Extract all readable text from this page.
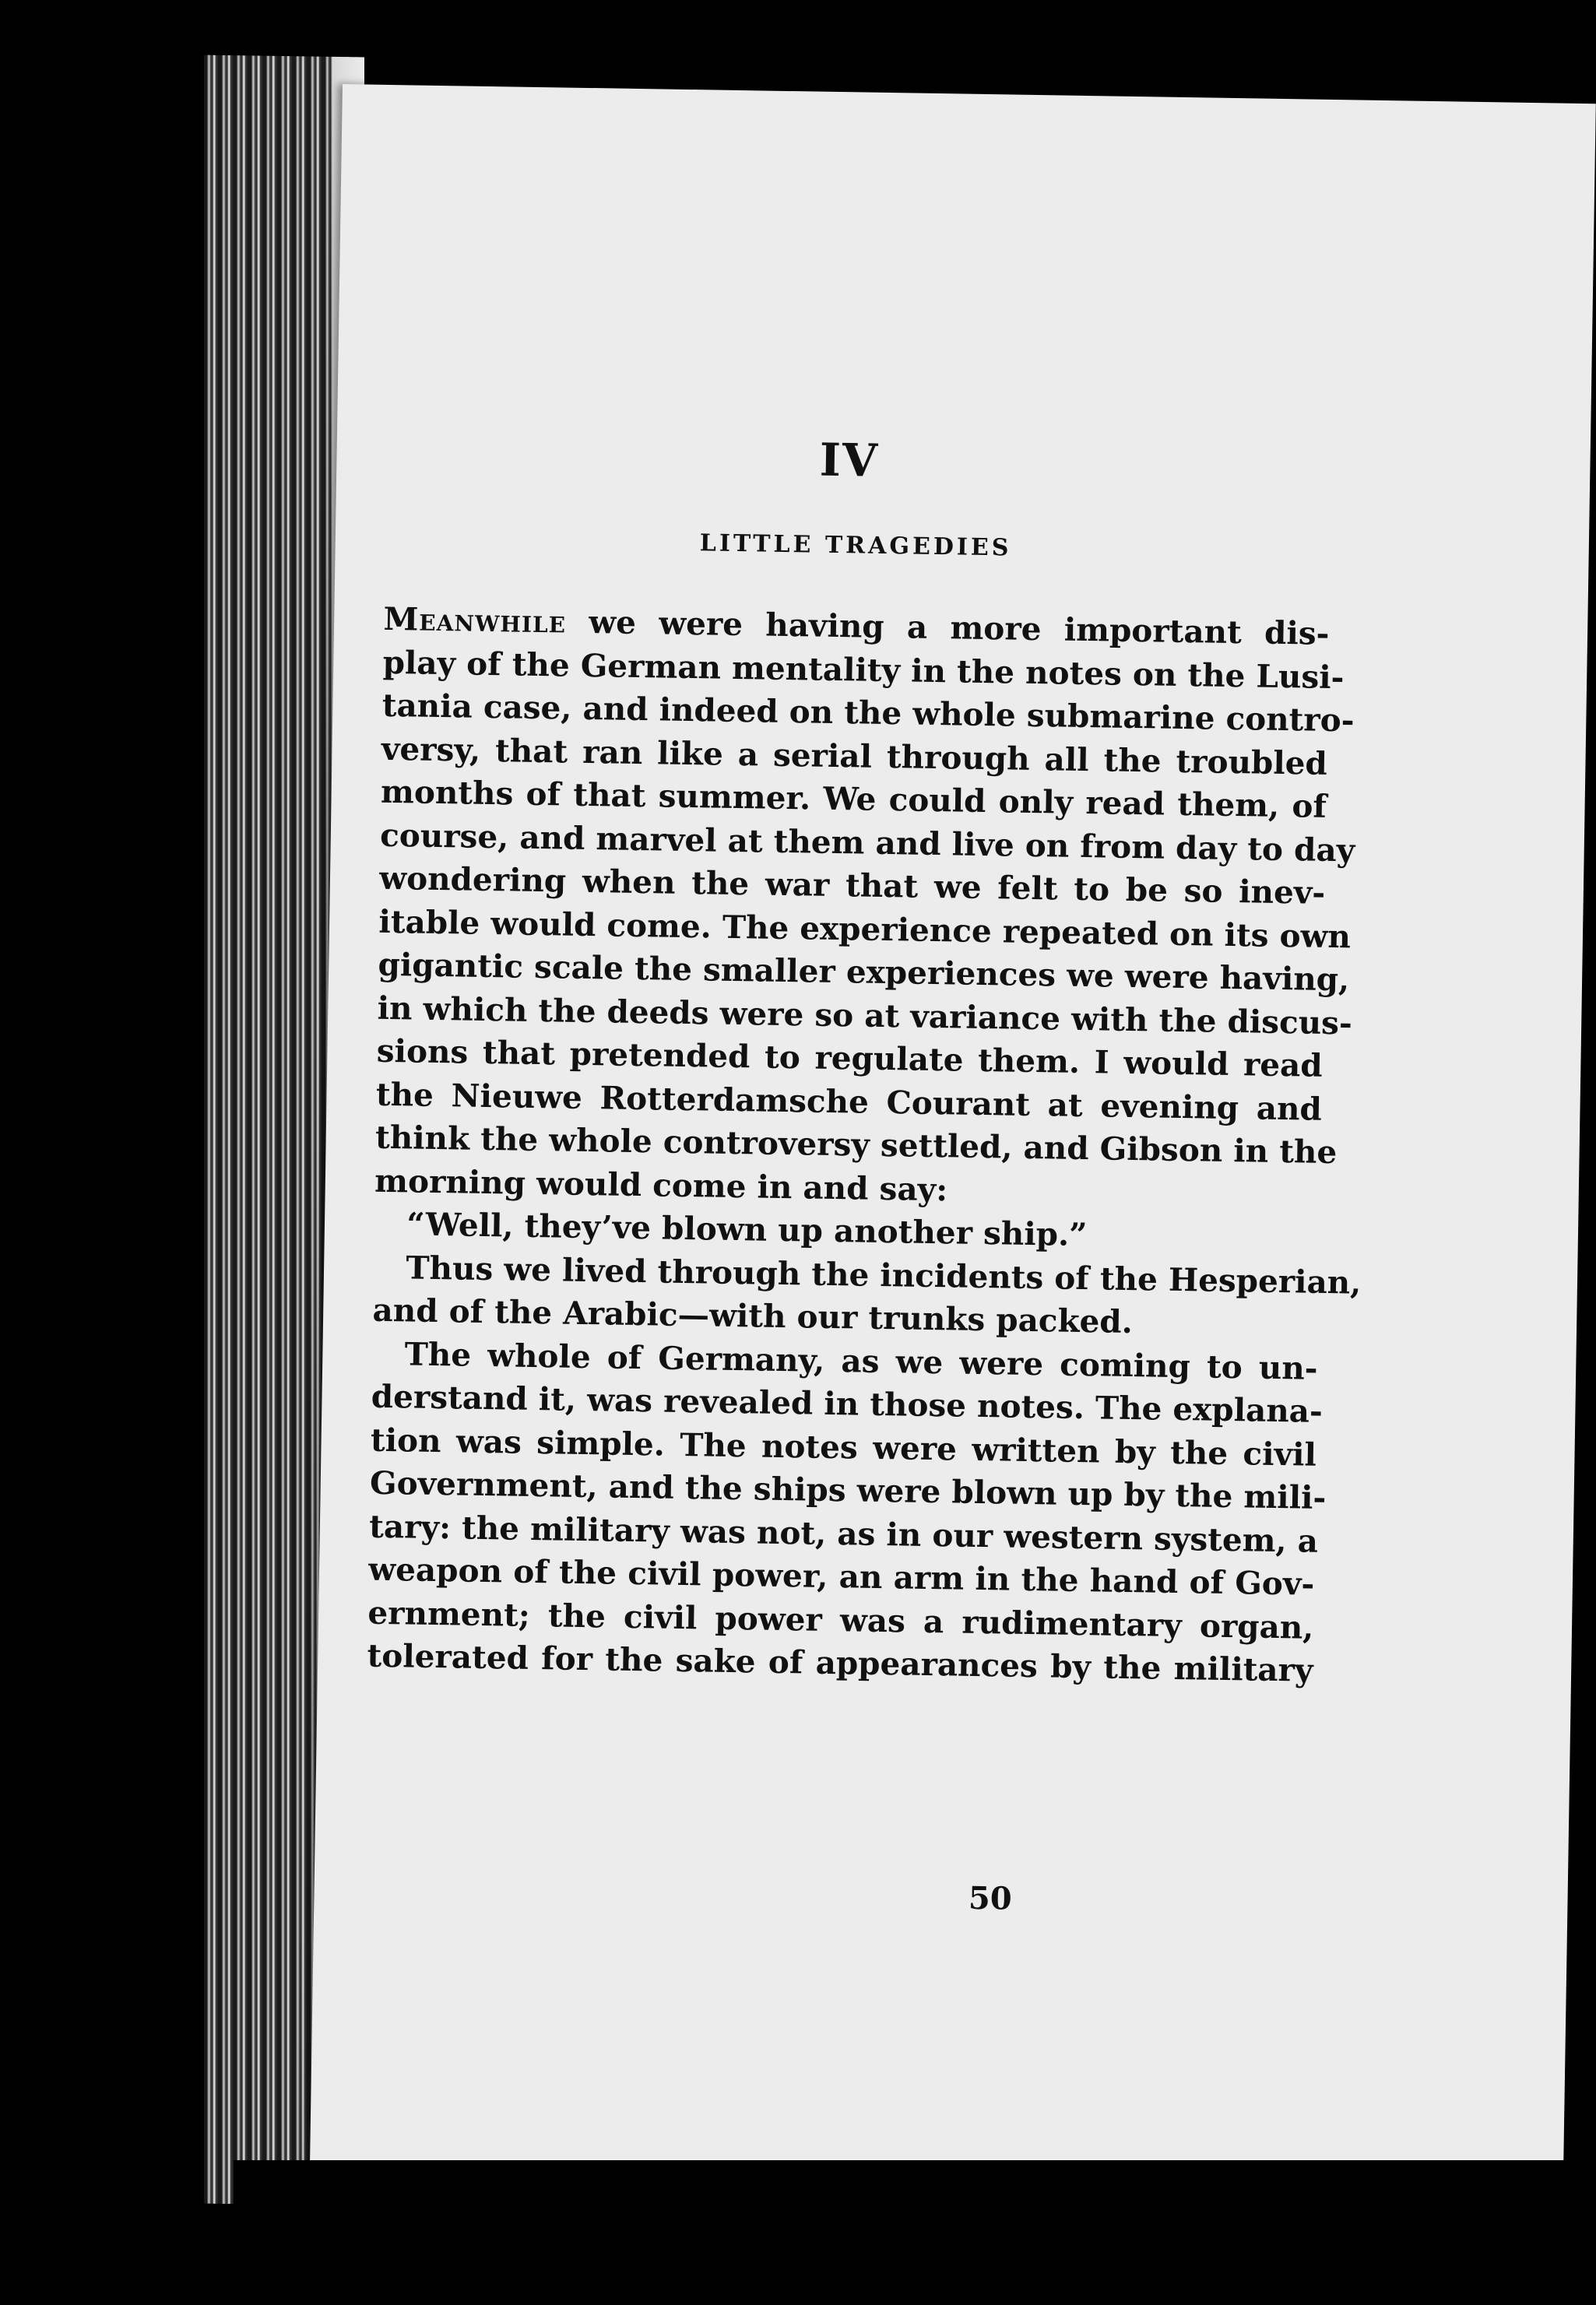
IV
LITTLE TRAGEDIES
Meanwhile we were having a more important dis-
play of the German mentality in the notes on the Lusi-
tania case, and indeed on the whole submarine contro-
versy, that ran like a serial through all the troubled
months of that summer. We could only read them, of
course, and marvel at them and live on from day to day
wondering when the war that we felt to be so inev-
itable would come. The experience repeated on its own
gigantic scale the smaller experiences we were having,
in which the deeds were so at variance with the discus-
sions that pretended to regulate them. I would read
the Nieuwe Rotterdamsche Courant at evening and
think the whole controversy settled, and Gibson in the
morning would come in and say:
“Well, they’ve blown up another ship.”
Thus we lived through the incidents of the Hesperian,
and of the Arabic—with our trunks packed.
The whole of Germany, as we were coming to un-
derstand it, was revealed in those notes. The explana-
tion was simple. The notes were written by the civil
Government, and the ships were blown up by the mili-
tary: the military was not, as in our western system, a
weapon of the civil power, an arm in the hand of Gov-
ernment; the civil power was a rudimentary organ,
tolerated for the sake of appearances by the military
50
